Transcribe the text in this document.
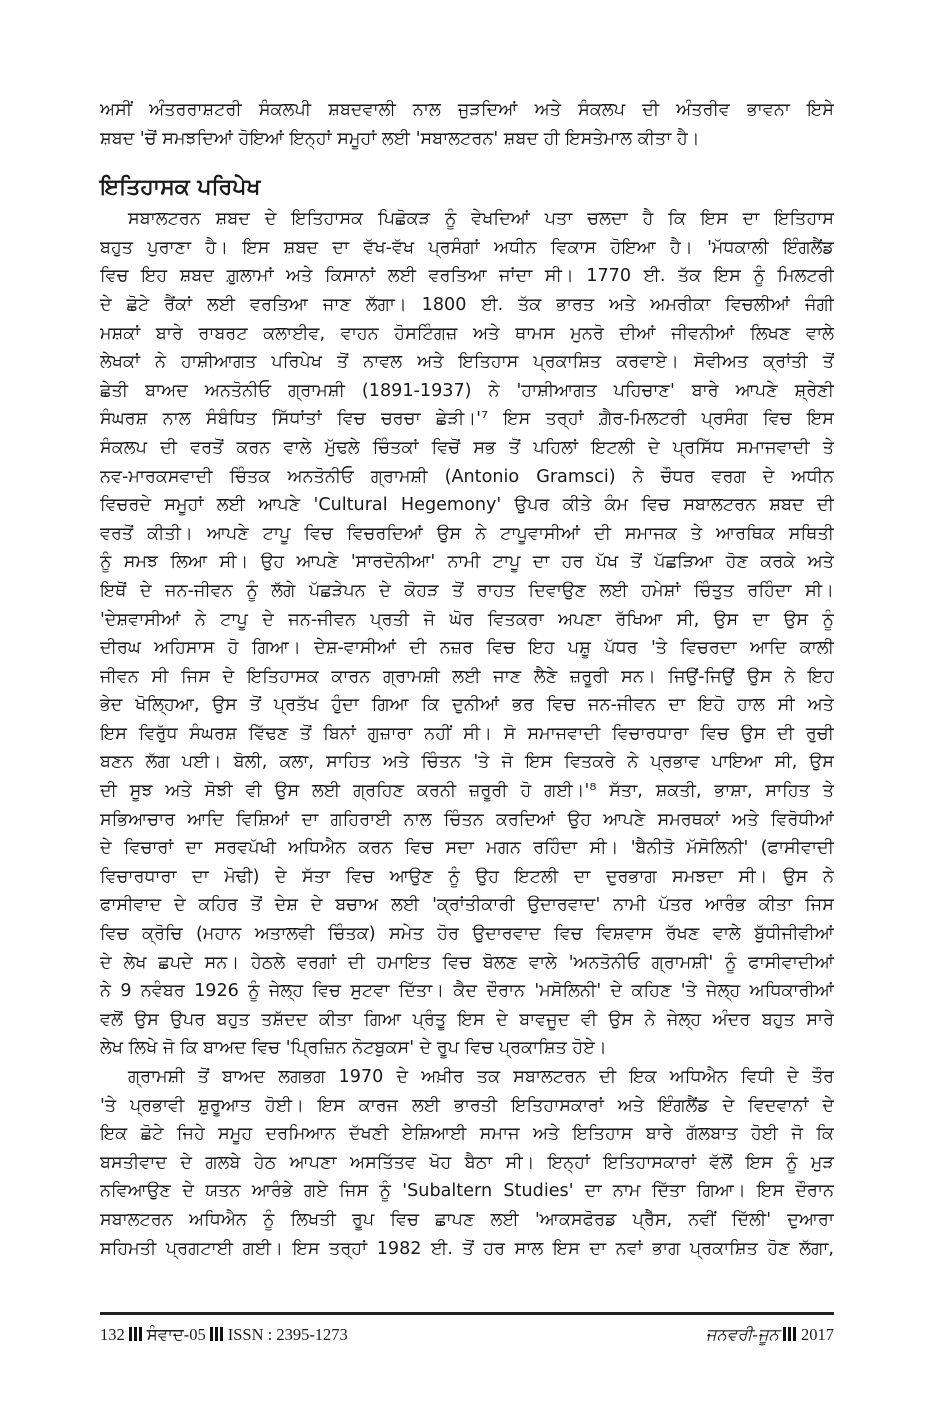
ਅਸੀਂ ਅੰਤਰਰਾਸ਼ਟਰੀ ਸੰਕਲਪੀ ਸ਼ਬਦਵਾਲੀ ਨਾਲ ਜੁੜਦਿਆਂ ਅਤੇ ਸੰਕਲਪ ਦੀ ਅੰਤਰੀਵ ਭਾਵਨਾ ਇਸੇ
ਸ਼ਬਦ 'ਚੋਂ ਸਮਝਦਿਆਂ ਹੋਇਆਂ ਇਨ੍ਹਾਂ ਸਮੂਹਾਂ ਲਈ 'ਸਬਾਲਟਰਨ' ਸ਼ਬਦ ਹੀ ਇਸਤੇਮਾਲ ਕੀਤਾ ਹੈ।
ਇਤਿਹਾਸਕ ਪਰਿਪੇਖ
ਸਬਾਲਟਰਨ ਸ਼ਬਦ ਦੇ ਇਤਿਹਾਸਕ ਪਿਛੋਕੜ ਨੂੰ ਵੇਖਦਿਆਂ ਪਤਾ ਚਲਦਾ ਹੈ ਕਿ ਇਸ ਦਾ ਇਤਿਹਾਸ
ਬਹੁਤ ਪੁਰਾਣਾ ਹੈ। ਇਸ ਸ਼ਬਦ ਦਾ ਵੱਖ-ਵੱਖ ਪ੍ਰਸੰਗਾਂ ਅਧੀਨ ਵਿਕਾਸ ਹੋਇਆ ਹੈ। 'ਮੱਧਕਾਲੀ ਇੰਗਲੈਂਡ
ਵਿਚ ਇਹ ਸ਼ਬਦ ਗ਼ੁਲਾਮਾਂ ਅਤੇ ਕਿਸਾਨਾਂ ਲਈ ਵਰਤਿਆ ਜਾਂਦਾ ਸੀ। 1770 ਈ. ਤੱਕ ਇਸ ਨੂੰ ਮਿਲਟਰੀ
ਦੇ ਛੋਟੇ ਰੈਂਕਾਂ ਲਈ ਵਰਤਿਆ ਜਾਣ ਲੱਗਾ। 1800 ਈ. ਤੱਕ ਭਾਰਤ ਅਤੇ ਅਮਰੀਕਾ ਵਿਚਲੀਆਂ ਜੰਗੀ
ਮਸ਼ਕਾਂ ਬਾਰੇ ਰਾਬਰਟ ਕਲਾਈਵ, ਵਾਹਨ ਹੋਸਟਿੰਗਜ਼ ਅਤੇ ਥਾਮਸ ਮੁਨਰੋ ਦੀਆਂ ਜੀਵਨੀਆਂ ਲਿਖਣ ਵਾਲੇ
ਲੇਖਕਾਂ ਨੇ ਹਾਸ਼ੀਆਗਤ ਪਰਿਪੇਖ ਤੋਂ ਨਾਵਲ ਅਤੇ ਇਤਿਹਾਸ ਪ੍ਰਕਾਸ਼ਿਤ ਕਰਵਾਏ। ਸੋਵੀਅਤ ਕ੍ਰਾਂਤੀ ਤੋਂ
ਛੇਤੀ ਬਾਅਦ ਅਨਤੋਨੀਓ ਗ੍ਰਾਮਸ਼ੀ (1891-1937) ਨੇ 'ਹਾਸ਼ੀਆਗਤ ਪਹਿਚਾਣ' ਬਾਰੇ ਆਪਣੇ ਸ਼੍ਰੇਣੀ
ਸੰਘਰਸ਼ ਨਾਲ ਸੰਬੰਧਿਤ ਸਿੱਧਾਂਤਾਂ ਵਿਚ ਚਰਚਾ ਛੇੜੀ।'⁷ ਇਸ ਤਰ੍ਹਾਂ ਗ਼ੈਰ-ਮਿਲਟਰੀ ਪ੍ਰਸੰਗ ਵਿਚ ਇਸ
ਸੰਕਲਪ ਦੀ ਵਰਤੋਂ ਕਰਨ ਵਾਲੇ ਮੁੱਢਲੇ ਚਿੰਤਕਾਂ ਵਿਚੋਂ ਸਭ ਤੋਂ ਪਹਿਲਾਂ ਇਟਲੀ ਦੇ ਪ੍ਰਸਿੱਧ ਸਮਾਜਵਾਦੀ ਤੇ
ਨਵ-ਮਾਰਕਸਵਾਦੀ ਚਿੰਤਕ ਅਨਤੋਨੀਓ ਗ੍ਰਾਮਸ਼ੀ (Antonio Gramsci) ਨੇ ਚੌਧਰ ਵਰਗ ਦੇ ਅਧੀਨ
ਵਿਚਰਦੇ ਸਮੂਹਾਂ ਲਈ ਆਪਣੇ 'Cultural Hegemony' ਉਪਰ ਕੀਤੇ ਕੰਮ ਵਿਚ ਸਬਾਲਟਰਨ ਸ਼ਬਦ ਦੀ
ਵਰਤੋਂ ਕੀਤੀ। ਆਪਣੇ ਟਾਪੂ ਵਿਚ ਵਿਚਰਦਿਆਂ ਉਸ ਨੇ ਟਾਪੂਵਾਸੀਆਂ ਦੀ ਸਮਾਜਕ ਤੇ ਆਰਥਿਕ ਸਥਿਤੀ
ਨੂੰ ਸਮਝ ਲਿਆ ਸੀ। ਉਹ ਆਪਣੇ 'ਸਾਰਦੋਨੀਆ' ਨਾਮੀ ਟਾਪੂ ਦਾ ਹਰ ਪੱਖ ਤੋਂ ਪੱਛੜਿਆ ਹੋਣ ਕਰਕੇ ਅਤੇ
ਇਥੋਂ ਦੇ ਜਨ-ਜੀਵਨ ਨੂੰ ਲੱਗੇ ਪੱਛੜੇਪਨ ਦੇ ਕੋਹੜ ਤੋਂ ਰਾਹਤ ਦਿਵਾਉਣ ਲਈ ਹਮੇਸ਼ਾਂ ਚਿੰਤੁਤ ਰਹਿੰਦਾ ਸੀ।
'ਦੇਸ਼ਵਾਸੀਆਂ ਨੇ ਟਾਪੂ ਦੇ ਜਨ-ਜੀਵਨ ਪ੍ਰਤੀ ਜੋ ਘੋਰ ਵਿਤਕਰਾ ਅਪਣਾ ਰੱਖਿਆ ਸੀ, ਉਸ ਦਾ ਉਸ ਨੂੰ
ਦੀਰਘ ਅਹਿਸਾਸ ਹੋ ਗਿਆ। ਦੇਸ਼-ਵਾਸੀਆਂ ਦੀ ਨਜ਼ਰ ਵਿਚ ਇਹ ਪਸ਼ੂ ਪੱਧਰ 'ਤੇ ਵਿਚਰਦਾ ਆਦਿ ਕਾਲੀ
ਜੀਵਨ ਸੀ ਜਿਸ ਦੇ ਇਤਿਹਾਸਕ ਕਾਰਨ ਗ੍ਰਾਮਸ਼ੀ ਲਈ ਜਾਣ ਲੈਣੇ ਜ਼ਰੂਰੀ ਸਨ। ਜਿਉਂ-ਜਿਉਂ ਉਸ ਨੇ ਇਹ
ਭੇਦ ਖੋਲ੍ਹਿਆ, ਉਸ ਤੋਂ ਪ੍ਰਤੱਖ ਹੁੰਦਾ ਗਿਆ ਕਿ ਦੁਨੀਆਂ ਭਰ ਵਿਚ ਜਨ-ਜੀਵਨ ਦਾ ਇਹੋ ਹਾਲ ਸੀ ਅਤੇ
ਇਸ ਵਿਰੁੱਧ ਸੰਘਰਸ਼ ਵਿੱਢਣ ਤੋਂ ਬਿਨਾਂ ਗੁਜ਼ਾਰਾ ਨਹੀਂ ਸੀ। ਸੋ ਸਮਾਜਵਾਦੀ ਵਿਚਾਰਧਾਰਾ ਵਿਚ ਉਸ ਦੀ ਰੁਚੀ
ਬਣਨ ਲੱਗ ਪਈ। ਬੋਲੀ, ਕਲਾ, ਸਾਹਿਤ ਅਤੇ ਚਿੰਤਨ 'ਤੇ ਜੋ ਇਸ ਵਿਤਕਰੇ ਨੇ ਪ੍ਰਭਾਵ ਪਾਇਆ ਸੀ, ਉਸ
ਦੀ ਸੂਝ ਅਤੇ ਸੋਝੀ ਵੀ ਉਸ ਲਈ ਗ੍ਰਹਿਣ ਕਰਨੀ ਜ਼ਰੂਰੀ ਹੋ ਗਈ।'⁸ ਸੱਤਾ, ਸ਼ਕਤੀ, ਭਾਸ਼ਾ, ਸਾਹਿਤ ਤੇ
ਸਭਿਆਚਾਰ ਆਦਿ ਵਿਸ਼ਿਆਂ ਦਾ ਗਹਿਰਾਈ ਨਾਲ ਚਿੰਤਨ ਕਰਦਿਆਂ ਉਹ ਆਪਣੇ ਸਮਰਥਕਾਂ ਅਤੇ ਵਿਰੋਧੀਆਂ
ਦੇ ਵਿਚਾਰਾਂ ਦਾ ਸਰਵਪੱਖੀ ਅਧਿਐਨ ਕਰਨ ਵਿਚ ਸਦਾ ਮਗਨ ਰਹਿੰਦਾ ਸੀ। 'ਬੈਨੀਤੋ ਮੱਸੋਲਿਨੀ' (ਫਾਸੀਵਾਦੀ
ਵਿਚਾਰਧਾਰਾ ਦਾ ਮੋਢੀ) ਦੇ ਸੱਤਾ ਵਿਚ ਆਉਣ ਨੂੰ ਉਹ ਇਟਲੀ ਦਾ ਦੁਰਭਾਗ ਸਮਝਦਾ ਸੀ। ਉਸ ਨੇ
ਫਾਸੀਵਾਦ ਦੇ ਕਹਿਰ ਤੋਂ ਦੇਸ਼ ਦੇ ਬਚਾਅ ਲਈ 'ਕ੍ਰਾਂਤੀਕਾਰੀ ਉਦਾਰਵਾਦ' ਨਾਮੀ ਪੱਤਰ ਆਰੰਭ ਕੀਤਾ ਜਿਸ
ਵਿਚ ਕ੍ਰੋਚਿ (ਮਹਾਨ ਅਤਾਲਵੀ ਚਿੰਤਕ) ਸਮੇਤ ਹੋਰ ਉਦਾਰਵਾਦ ਵਿਚ ਵਿਸ਼ਵਾਸ ਰੱਖਣ ਵਾਲੇ ਬੁੱਧੀਜੀਵੀਆਂ
ਦੇ ਲੇਖ ਛਪਦੇ ਸਨ। ਹੇਠਲੇ ਵਰਗਾਂ ਦੀ ਹਮਾਇਤ ਵਿਚ ਬੋਲਣ ਵਾਲੇ 'ਅਨਤੋਨੀਓ ਗ੍ਰਾਮਸ਼ੀ' ਨੂੰ ਫਾਸੀਵਾਦੀਆਂ
ਨੇ 9 ਨਵੰਬਰ 1926 ਨੂੰ ਜੇਲ੍ਹ ਵਿਚ ਸੁਟਵਾ ਦਿੱਤਾ। ਕੈਦ ਦੌਰਾਨ 'ਮਸੋਲਿਨੀ' ਦੇ ਕਹਿਣ 'ਤੇ ਜੇਲ੍ਹ ਅਧਿਕਾਰੀਆਂ
ਵਲੋਂ ਉਸ ਉਪਰ ਬਹੁਤ ਤਸ਼ੱਦਦ ਕੀਤਾ ਗਿਆ ਪ੍ਰੰਤੂ ਇਸ ਦੇ ਬਾਵਜੂਦ ਵੀ ਉਸ ਨੇ ਜੇਲ੍ਹ ਅੰਦਰ ਬਹੁਤ ਸਾਰੇ
ਲੇਖ ਲਿਖੇ ਜੋ ਕਿ ਬਾਅਦ ਵਿਚ 'ਪ੍ਰਿਜ਼ਿਨ ਨੋਟਬੁਕਸ' ਦੇ ਰੂਪ ਵਿਚ ਪ੍ਰਕਾਸ਼ਿਤ ਹੋਏ।
ਗ੍ਰਾਮਸ਼ੀ ਤੋਂ ਬਾਅਦ ਲਗਭਗ 1970 ਦੇ ਅਖ਼ੀਰ ਤਕ ਸਬਾਲਟਰਨ ਦੀ ਇਕ ਅਧਿਐਨ ਵਿਧੀ ਦੇ ਤੌਰ
'ਤੇ ਪ੍ਰਭਾਵੀ ਸ਼ੁਰੂਆਤ ਹੋਈ। ਇਸ ਕਾਰਜ ਲਈ ਭਾਰਤੀ ਇਤਿਹਾਸਕਾਰਾਂ ਅਤੇ ਇੰਗਲੈਂਡ ਦੇ ਵਿਦਵਾਨਾਂ ਦੇ
ਇਕ ਛੋਟੇ ਜਿਹੇ ਸਮੂਹ ਦਰਮਿਆਨ ਦੱਖਣੀ ਏਸ਼ਿਆਈ ਸਮਾਜ ਅਤੇ ਇਤਿਹਾਸ ਬਾਰੇ ਗੱਲਬਾਤ ਹੋਈ ਜੋ ਕਿ
ਬਸਤੀਵਾਦ ਦੇ ਗਲਬੇ ਹੇਠ ਆਪਣਾ ਅਸਤਿੱਤਵ ਖੋਹ ਬੈਠਾ ਸੀ। ਇਨ੍ਹਾਂ ਇਤਿਹਾਸਕਾਰਾਂ ਵੱਲੋਂ ਇਸ ਨੂੰ ਮੁੜ
ਨਵਿਆਉਣ ਦੇ ਯਤਨ ਆਰੰਭੇ ਗਏ ਜਿਸ ਨੂੰ 'Subaltern Studies' ਦਾ ਨਾਮ ਦਿੱਤਾ ਗਿਆ। ਇਸ ਦੌਰਾਨ
ਸਬਾਲਟਰਨ ਅਧਿਐਨ ਨੂੰ ਲਿਖਤੀ ਰੂਪ ਵਿਚ ਛਾਪਣ ਲਈ 'ਆਕਸਫੋਰਡ ਪ੍ਰੈੱਸ, ਨਵੀਂ ਦਿੱਲੀ' ਦੁਆਰਾ
ਸਹਿਮਤੀ ਪ੍ਰਗਟਾਈ ਗਈ। ਇਸ ਤਰ੍ਹਾਂ 1982 ਈ. ਤੋਂ ਹਰ ਸਾਲ ਇਸ ਦਾ ਨਵਾਂ ਭਾਗ ਪ੍ਰਕਾਸ਼ਿਤ ਹੋਣ ਲੱਗਾ,
132 ਸੰਵਾਦ-05 ISSN : 2395-1273	ਜਨਵਰੀ-ਜੂਨ 2017
